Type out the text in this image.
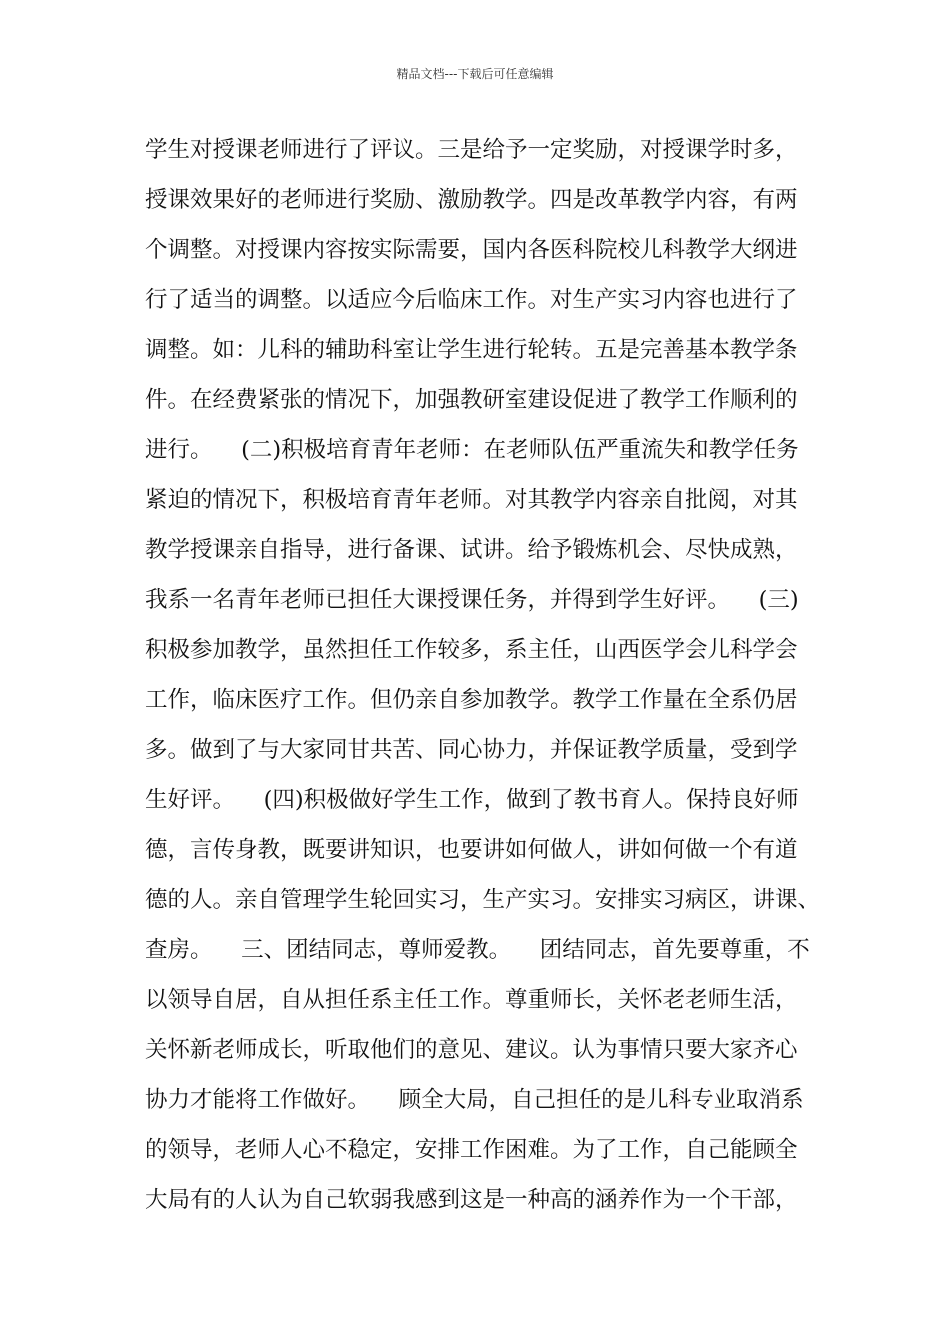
精品文档---下载后可任意编辑
学生对授课老师进行了评议。三是给予一定奖励，对授课学时多，
授课效果好的老师进行奖励、激励教学。四是改革教学内容，有两
个调整。对授课内容按实际需要，国内各医科院校儿科教学大纲进
行了适当的调整。以适应今后临床工作。对生产实习内容也进行了
调整。如：儿科的辅助科室让学生进行轮转。五是完善基本教学条
件。在经费紧张的情况下，加强教研室建设促进了教学工作顺利的
进行。    (二)积极培育青年老师：在老师队伍严重流失和教学任务
紧迫的情况下，积极培育青年老师。对其教学内容亲自批阅，对其
教学授课亲自指导，进行备课、试讲。给予锻炼机会、尽快成熟，
我系一名青年老师已担任大课授课任务，并得到学生好评。    (三)
积极参加教学，虽然担任工作较多，系主任，山西医学会儿科学会
工作，临床医疗工作。但仍亲自参加教学。教学工作量在全系仍居
多。做到了与大家同甘共苦、同心协力，并保证教学质量，受到学
生好评。    (四)积极做好学生工作，做到了教书育人。保持良好师
德，言传身教，既要讲知识，也要讲如何做人，讲如何做一个有道
德的人。亲自管理学生轮回实习，生产实习。安排实习病区，讲课、
查房。    三、团结同志，尊师爱教。    团结同志，首先要尊重，不
以领导自居，自从担任系主任工作。尊重师长，关怀老老师生活，
关怀新老师成长，听取他们的意见、建议。认为事情只要大家齐心
协力才能将工作做好。    顾全大局，自己担任的是儿科专业取消系
的领导，老师人心不稳定，安排工作困难。为了工作，自己能顾全
大局有的人认为自己软弱我感到这是一种高的涵养作为一个干部，
